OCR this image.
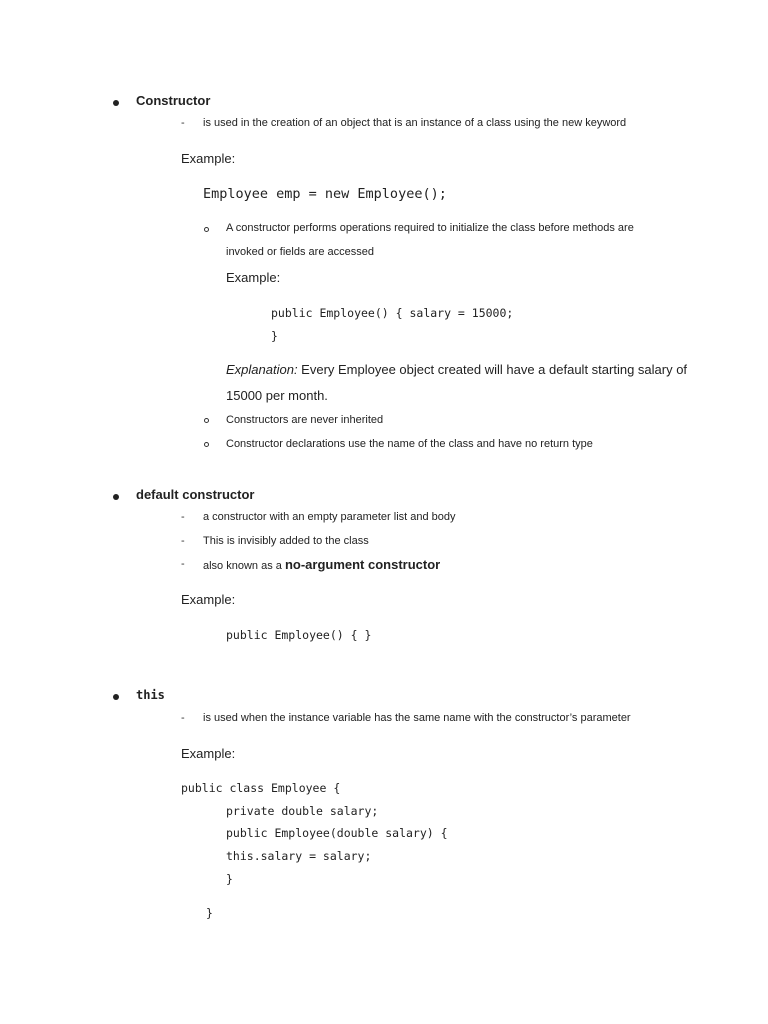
Constructor
- is used in the creation of an object that is an instance of a class using the new keyword
Example:
Employee emp = new Employee();
A constructor performs operations required to initialize the class before methods are
invoked or fields are accessed
Example:
public Employee() { salary = 15000;
}
Explanation: Every Employee object created will have a default starting salary of
15000 per month.
Constructors are never inherited
Constructor declarations use the name of the class and have no return type
default constructor
- a constructor with an empty parameter list and body
- This is invisibly added to the class
- also known as a no-argument constructor
Example:
public Employee() { }
this
- is used when the instance variable has the same name with the constructor’s parameter
Example:
public class Employee {
private double salary;
public Employee(double salary) {
this.salary = salary;
}
}
